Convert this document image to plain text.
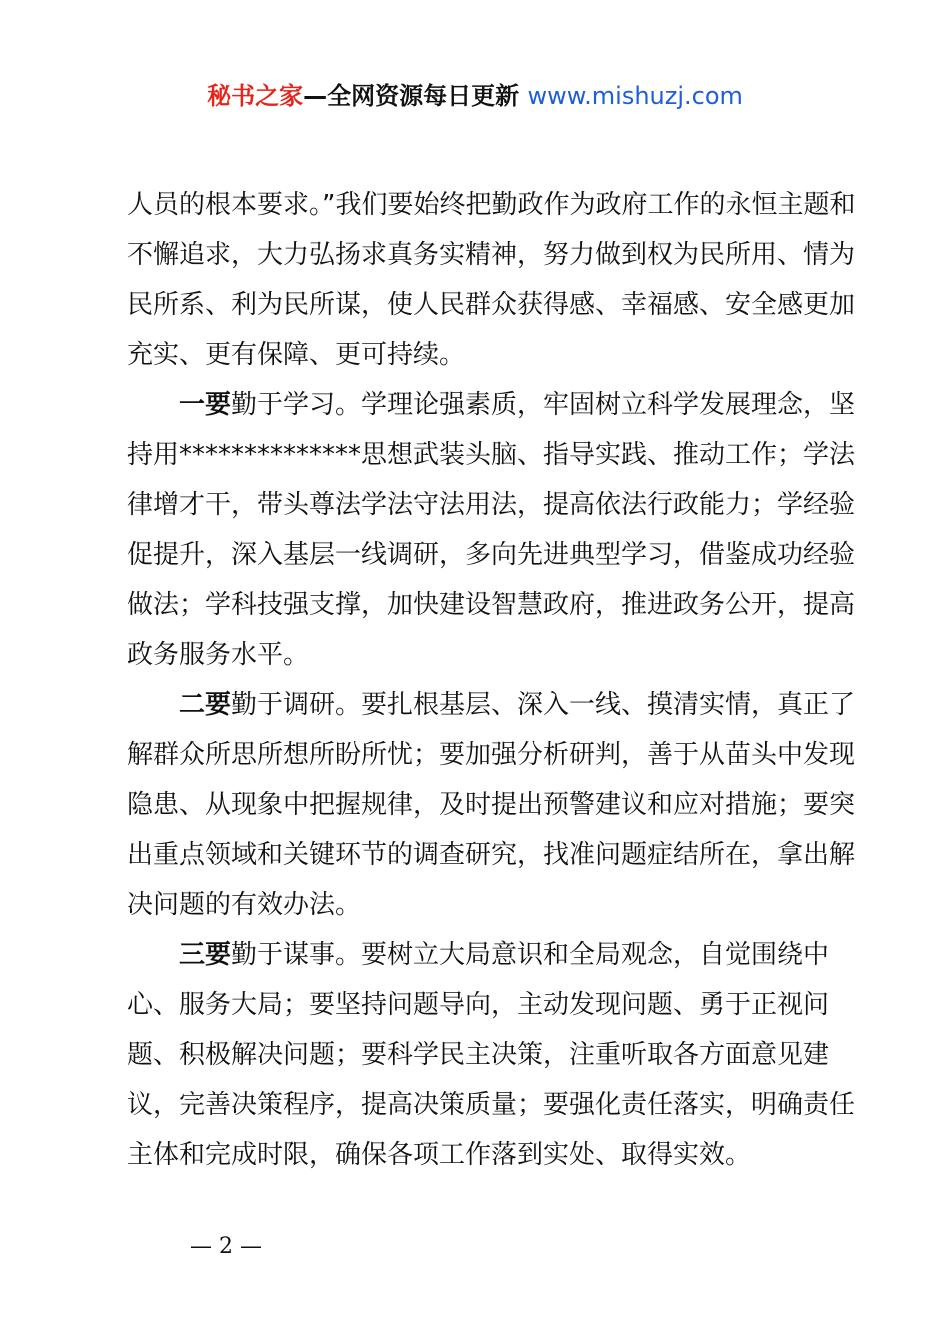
秘书之家—全网资源每日更新 www.mishuzj.com

人员的根本要求。”我们要始终把勤政作为政府工作的永恒主题和不懈追求，大力弘扬求真务实精神，努力做到权为民所用、情为民所系、利为民所谋，使人民群众获得感、幸福感、安全感更加充实、更有保障、更可持续。

一要勤于学习。学理论强素质，牢固树立科学发展理念，坚持用**************思想武装头脑、指导实践、推动工作；学法律增才干，带头尊法学法守法用法，提高依法行政能力；学经验促提升，深入基层一线调研，多向先进典型学习，借鉴成功经验做法；学科技强支撑，加快建设智慧政府，推进政务公开，提高政务服务水平。

二要勤于调研。要扎根基层、深入一线、摸清实情，真正了解群众所思所想所盼所忧；要加强分析研判，善于从苗头中发现隐患、从现象中把握规律，及时提出预警建议和应对措施；要突出重点领域和关键环节的调查研究，找准问题症结所在，拿出解决问题的有效办法。

三要勤于谋事。要树立大局意识和全局观念，自觉围绕中心、服务大局；要坚持问题导向，主动发现问题、勇于正视问题、积极解决问题；要科学民主决策，注重听取各方面意见建议，完善决策程序，提高决策质量；要强化责任落实，明确责任主体和完成时限，确保各项工作落到实处、取得实效。

— 2 —
